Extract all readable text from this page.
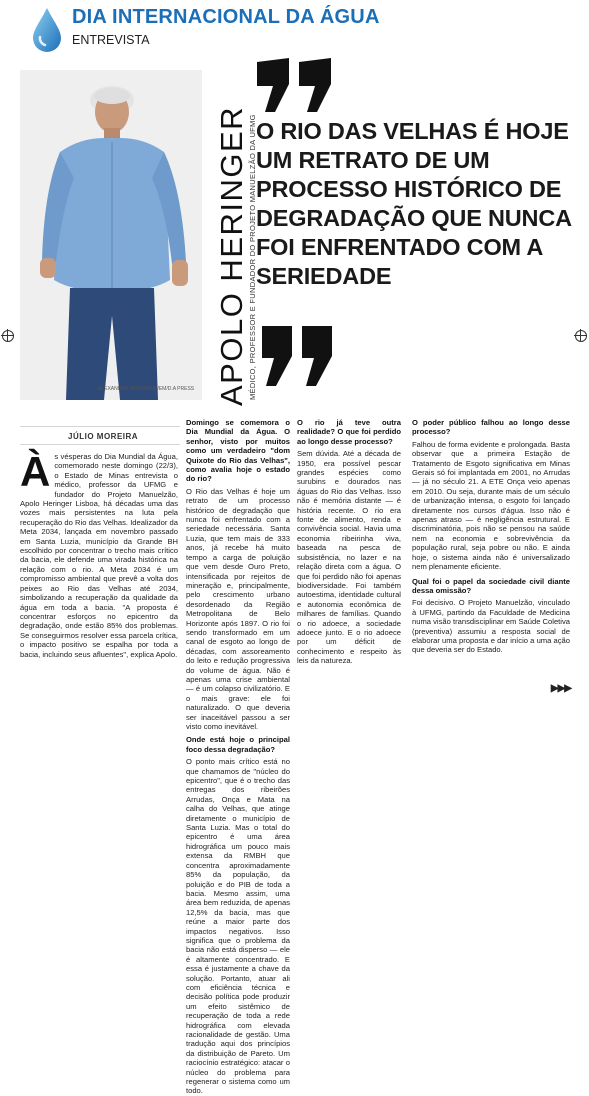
DIA INTERNACIONAL DA ÁGUA
ENTREVISTA
ALEXANDRE GUZANSHE/EM/D.A PRESS APOLO HERINGER MÉDICO, PROFESSOR E FUNDADOR DO PROJETO MANUELZÃO DA UFMG O RIO DAS VELHAS É HOJE UM RETRATO DE UM PROCESSO HISTÓRICO DE DEGRADAÇÃO QUE NUNCA FOI ENFRENTADO COM A SERIEDADE
JÚLIO MOREIRA
À s vésperas do Dia Mundial da Água, comemorado neste domingo (22/3), o Estado de Minas entrevista o médico, professor da UFMG e fundador do Projeto Manuelzão, Apolo Heringer Lisboa, há décadas uma das vozes mais persistentes na luta pela recuperação do Rio das Velhas. Idealizador da Meta 2034, lançada em novembro passado em Santa Luzia, município da Grande BH escolhido por concentrar o trecho mais crítico da bacia, ele defende uma virada histórica na relação com o rio. A Meta 2034 é um compromisso ambiental que prevê a volta dos peixes ao Rio das Velhas até 2034, simbolizando a recuperação da qualidade da água em toda a bacia. "A proposta é concentrar esforços no epicentro da degradação, onde estão 85% dos problemas. Se conseguirmos resolver essa parcela crítica, o impacto positivo se espalha por toda a bacia, incluindo seus afluentes", explica Apolo.

Domingo se comemora o Dia Mundial da Água. O senhor, visto por muitos como um verdadeiro "dom Quixote do Rio das Velhas", como avalia hoje o estado do rio?

O Rio das Velhas é hoje um retrato de um processo histórico de degradação que nunca foi enfrentado com a seriedade necessária. Santa Luzia, que tem mais de 333 anos, já recebe há muito tempo a carga de poluição que vem desde Ouro Preto, intensificada por rejeitos de mineração e, principalmente, pelo crescimento urbano desordenado da Região Metropolitana de Belo Horizonte após 1897. O rio foi sendo transformado em um canal de esgoto ao longo de décadas, com assoreamento do leito e redução progressiva do volume de água. Não é apenas uma crise ambiental — é um colapso civilizatório. E o mais grave: ele foi naturalizado. O que deveria ser inaceitável passou a ser visto como inevitável.

Onde está hoje o principal foco dessa degradação?

O ponto mais crítico está no que chamamos de "núcleo do epicentro", que é o trecho das entregas dos ribeirões Arrudas, Onça e Mata na calha do Velhas, que atinge diretamente o município de Santa Luzia. Mas o total do epicentro é uma área hidrográfica um pouco mais extensa da RMBH que concentra aproximadamente 85% da população, da poluição e do PIB de toda a bacia. Mesmo assim, uma área bem reduzida, de apenas 12,5% da bacia, mas que reúne a maior parte dos impactos negativos. Isso significa que o problema da bacia não está disperso — ele é altamente concentrado. E essa é justamente a chave da solução. Portanto, atuar ali com eficiência técnica e decisão política pode produzir um efeito sistêmico de recuperação de toda a rede hidrográfica com elevada racionalidade de gestão. Uma tradução aqui dos princípios da distribuição de Pareto. Um raciocínio estratégico: atacar o núcleo do problema para regenerar o sistema como um todo.

O rio já teve outra realidade? O que foi perdido ao longo desse processo?

Sem dúvida. Até a década de 1950, era possível pescar grandes espécies como surubins e dourados nas águas do Rio das Velhas. Isso não é memória distante — é história recente. O rio era fonte de alimento, renda e convivência social. Havia uma economia ribeirinha viva, baseada na pesca de subsistência, no lazer e na relação direta com a água. O que foi perdido não foi apenas biodiversidade. Foi também autoestima, identidade cultural e autonomia econômica de milhares de famílias. Quando o rio adoece, a sociedade adoece junto. E o rio adoece por um déficit de conhecimento e respeito às leis da natureza.

O poder público falhou ao longo desse processo?

Falhou de forma evidente e prolongada. Basta observar que a primeira Estação de Tratamento de Esgoto significativa em Minas Gerais só foi implantada em 2001, no Arrudas — já no século 21. A ETE Onça veio apenas em 2010. Ou seja, durante mais de um século de urbanização intensa, o esgoto foi lançado diretamente nos cursos d'água. Isso não é apenas atraso — é negligência estrutural. E discriminatória, pois não se pensou na saúde nem na economia e sobrevivência da população rural, seja pobre ou não. E ainda hoje, o sistema ainda não é universalizado nem plenamente eficiente.

Qual foi o papel da sociedade civil diante dessa omissão?

Foi decisivo. O Projeto Manuelzão, vinculado à UFMG, partindo da Faculdade de Medicina numa visão transdisciplinar em Saúde Coletiva (preventiva) assumiu a resposta social de elaborar uma proposta e dar início a uma ação que deveria ser do Estado.

▶▶▶
